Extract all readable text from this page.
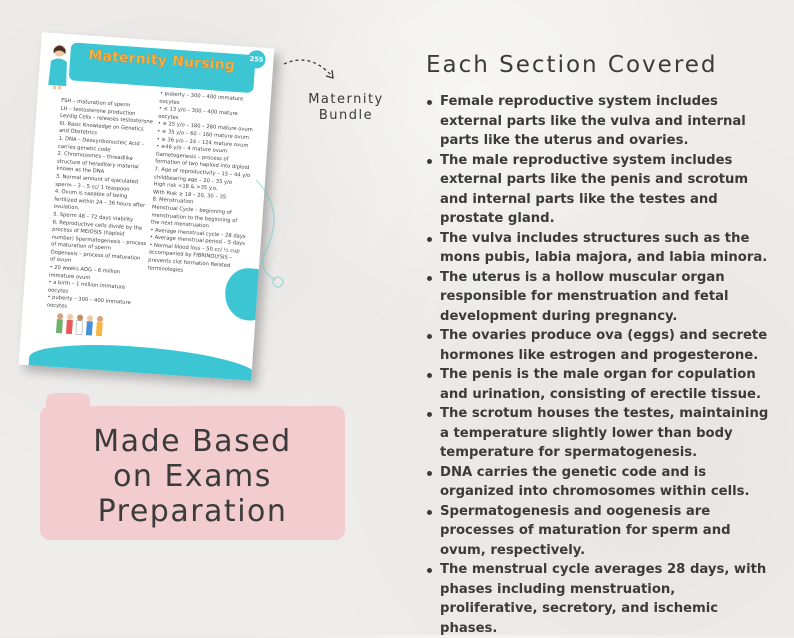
Maternity Nursing	255
FSH – maturation of sperm
LH – testosterone production
Leydig Cells – releases testosterone
III. Basic Knowledge on Genetics and Obstetrics
1. DNA – Deoxyribonucleic Acid – carries genetic code
2. Chromosomes – threadlike structure of hereditary material known as the DNA
3. Normal amount of ejaculated sperm – 3 – 5 cc/ 1 teaspoon
4. Ovum is capable of being fertilized within 24 – 36 hours after ovulation.
5. Sperm 48 – 72 days viability
6. Reproductive cells divide by the process of MEIOSIS (haploid number) Spermatogenesis – process of maturation of sperm
Oogenesis – process of maturation of ovum
• 20 weeks AOG – 6 million immature ovum
• a birth – 1 million immature oocytes
• puberty – 300 – 400 immature oocytes
• puberty – 300 – 400 immature oocytes
• ≤ 13 y/o – 300 – 400 mature oocytes
• ≥ 25 y/o – 180 – 280 mature ovum
• ≥ 35 y/o – 60 – 160 mature ovum
• ≥ 36 y/o – 24 – 124 mature ovum
• ≥46 y/o – 4 mature ovum
Gametogenesis – process of formation of two haploid into diploid 7. Age of reproductivity – 15 – 44 y/o childbearing age – 20 – 35 y/o
High risk <18 & >35 y.o.
With Risk ≥ 18 – 20, 30 – 35
8. Menstruation
Menstrual Cycle – beginning of menstruation to the beginning of the next menstruation
• Average menstrual cycle – 28 days
• Average menstrual period – 5 days
• Normal blood loss – 50 cc/ ½ cup accompanied by FIBRINOLYSIS – prevents clot formation Related terminologies
Maternity
Bundle
Made Based
on Exams
Preparation
Each Section Covered
Female reproductive system includes external parts like the vulva and internal parts like the uterus and ovaries.
The male reproductive system includes external parts like the penis and scrotum and internal parts like the testes and prostate gland.
The vulva includes structures such as the mons pubis, labia majora, and labia minora.
The uterus is a hollow muscular organ responsible for menstruation and fetal development during pregnancy.
The ovaries produce ova (eggs) and secrete hormones like estrogen and progesterone.
The penis is the male organ for copulation and urination, consisting of erectile tissue.
The scrotum houses the testes, maintaining a temperature slightly lower than body temperature for spermatogenesis.
DNA carries the genetic code and is organized into chromosomes within cells.
Spermatogenesis and oogenesis are processes of maturation for sperm and ovum, respectively.
The menstrual cycle averages 28 days, with phases including menstruation, proliferative, secretory, and ischemic phases.
